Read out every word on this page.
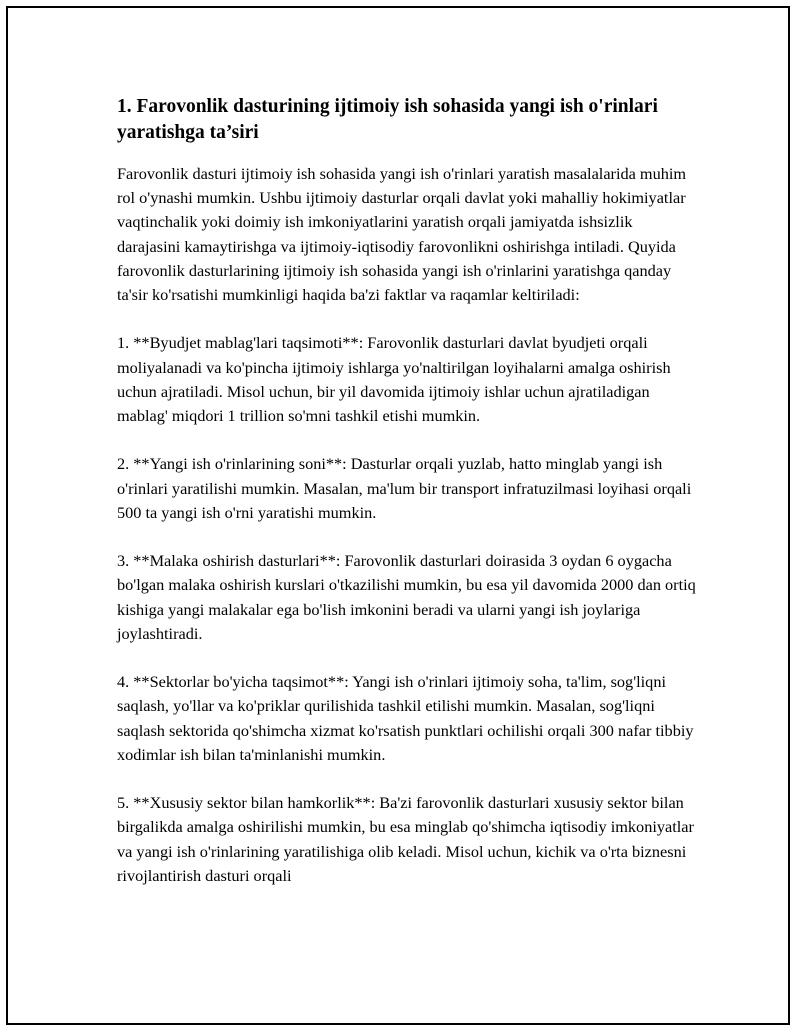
1. Farovonlik dasturining ijtimoiy ish sohasida yangi ish o'rinlari yaratishga ta’siri

Farovonlik dasturi ijtimoiy ish sohasida yangi ish o'rinlari yaratish masalalarida muhim rol o'ynashi mumkin. Ushbu ijtimoiy dasturlar orqali davlat yoki mahalliy hokimiyatlar vaqtinchalik yoki doimiy ish imkoniyatlarini yaratish orqali jamiyatda ishsizlik darajasini kamaytirishga va ijtimoiy-iqtisodiy farovonlikni oshirishga intiladi. Quyida farovonlik dasturlarining ijtimoiy ish sohasida yangi ish o'rinlarini yaratishga qanday ta'sir ko'rsatishi mumkinligi haqida ba'zi faktlar va raqamlar keltiriladi:

1. **Byudjet mablag'lari taqsimoti**: Farovonlik dasturlari davlat byudjeti orqali moliyalanadi va ko'pincha ijtimoiy ishlarga yo'naltirilgan loyihalarni amalga oshirish uchun ajratiladi. Misol uchun, bir yil davomida ijtimoiy ishlar uchun ajratiladigan mablag' miqdori 1 trillion so'mni tashkil etishi mumkin.

2. **Yangi ish o'rinlarining soni**: Dasturlar orqali yuzlab, hatto minglab yangi ish o'rinlari yaratilishi mumkin. Masalan, ma'lum bir transport infratuzilmasi loyihasi orqali 500 ta yangi ish o'rni yaratishi mumkin.

3. **Malaka oshirish dasturlari**: Farovonlik dasturlari doirasida 3 oydan 6 oygacha bo'lgan malaka oshirish kurslari o'tkazilishi mumkin, bu esa yil davomida 2000 dan ortiq kishiga yangi malakalar ega bo'lish imkonini beradi va ularni yangi ish joylariga joylashtiradi.

4. **Sektorlar bo'yicha taqsimot**: Yangi ish o'rinlari ijtimoiy soha, ta'lim, sog'liqni saqlash, yo'llar va ko'priklar qurilishida tashkil etilishi mumkin. Masalan, sog'liqni saqlash sektorida qo'shimcha xizmat ko'rsatish punktlari ochilishi orqali 300 nafar tibbiy xodimlar ish bilan ta'minlanishi mumkin.

5. **Xususiy sektor bilan hamkorlik**: Ba'zi farovonlik dasturlari xususiy sektor bilan birgalikda amalga oshirilishi mumkin, bu esa minglab qo'shimcha iqtisodiy imkoniyatlar va yangi ish o'rinlarining yaratilishiga olib keladi. Misol uchun, kichik va o'rta biznesni rivojlantirish dasturi orqali
